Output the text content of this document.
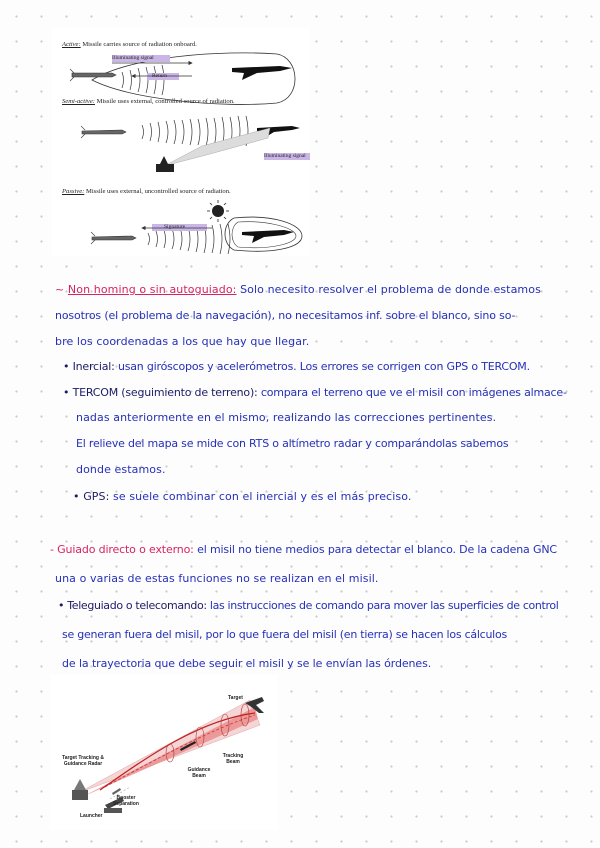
Active: Missile carries source of radiation onboard.
Illuminating signal
Return
Semi-active: Missile uses external, controlled source of radiation.
Illuminating signal
Passive: Missile uses external, uncontrolled source of radiation.
Signature
~ Non homing o sin autoguiado: Solo necesito resolver el problema de donde estamos
nosotros (el problema de la navegación), no necesitamos inf. sobre el blanco, sino so-
bre los coordenadas a los que hay que llegar.
• Inercial: usan giróscopos y acelerómetros. Los errores se corrigen con GPS o TERCOM.
• TERCOM (seguimiento de terreno): compara el terreno que ve el misil con imágenes almace-
nadas anteriormente en el mismo, realizando las correcciones pertinentes.
El relieve del mapa se mide con RTS o altímetro radar y comparándolas sabemos
donde estamos.
• GPS: se suele combinar con el inercial y es el más preciso.
- Guiado directo o externo: el misil no tiene medios para detectar el blanco. De la cadena GNC
una o varias de estas funciones no se realizan en el misil.
• Teleguiado o telecomando: las instrucciones de comando para mover las superficies de control
se generan fuera del misil, por lo que fuera del misil (en tierra) se hacen los cálculos
de la trayectoria que debe seguir el misil y se le envían las órdenes.
Target
Target Tracking & Guidance Radar
Tracking Beam
Guidance Beam
Booster Separation
Launcher
